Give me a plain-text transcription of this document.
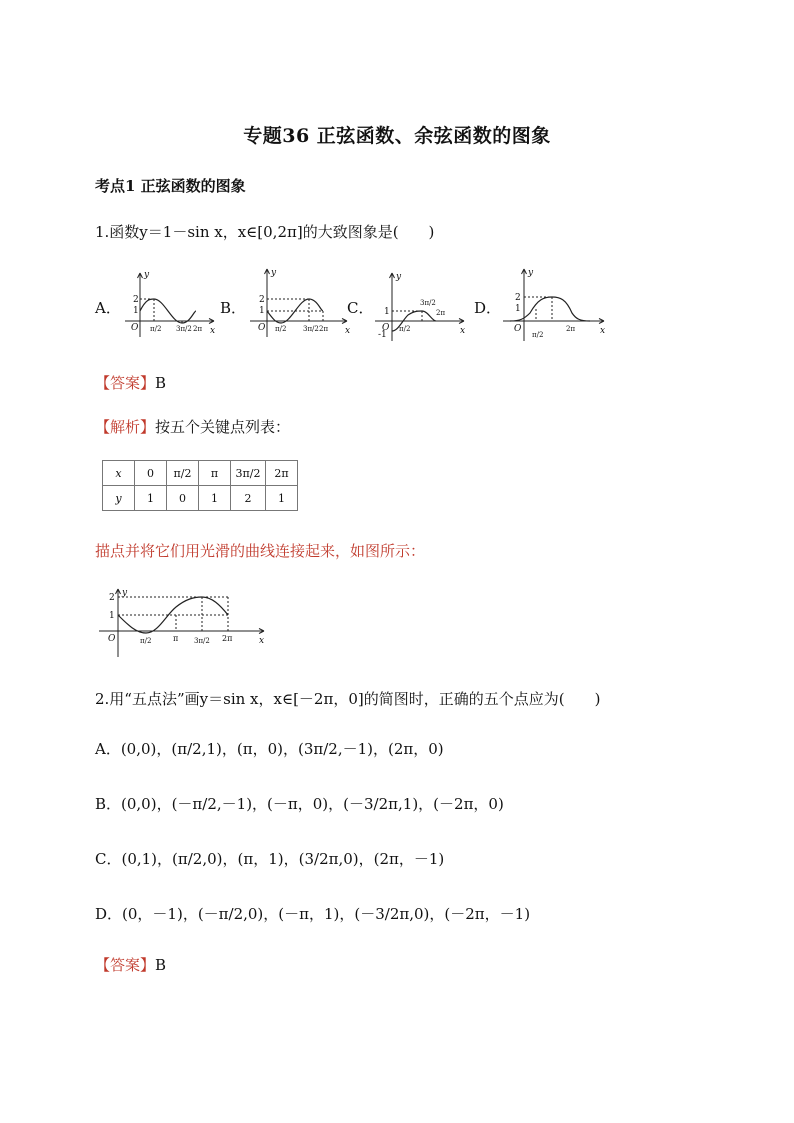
专题36 正弦函数、余弦函数的图象
考点1 正弦函数的图象
1.函数y＝1－sin x，x∈[0,2π]的大致图象是(　　)
A．	B．	C．	D．
y
x
O
2
1
π/2 3π/2 2π
y
x
O
2
1
π/2 3π/2 2π
y
x
O
1
-1
π/2
3π/2
2π
y
x
O
2
1
π/2
2π
【答案】B
【解析】按五个关键点列表：
x	0	π/2	π	3π/2	2π
y	1	0	1	2	1
描点并将它们用光滑的曲线连接起来，如图所示：
y
x
O
2
1
π/2	π 3π/2 2π
2.用“五点法”画y＝sin x，x∈[－2π，0]的简图时，正确的五个点应为(　　)
A．(0,0)，(π/2,1)，(π，0)，(3π/2,－1)，(2π，0)
B．(0,0)，(－π/2,－1)，(－π，0)，(－3/2π,1)，(－2π，0)
C．(0,1)，(π/2,0)，(π，1)，(3/2π,0)，(2π，－1)
D．(0，－1)，(－π/2,0)，(－π，1)，(－3/2π,0)，(－2π，－1)
【答案】B
